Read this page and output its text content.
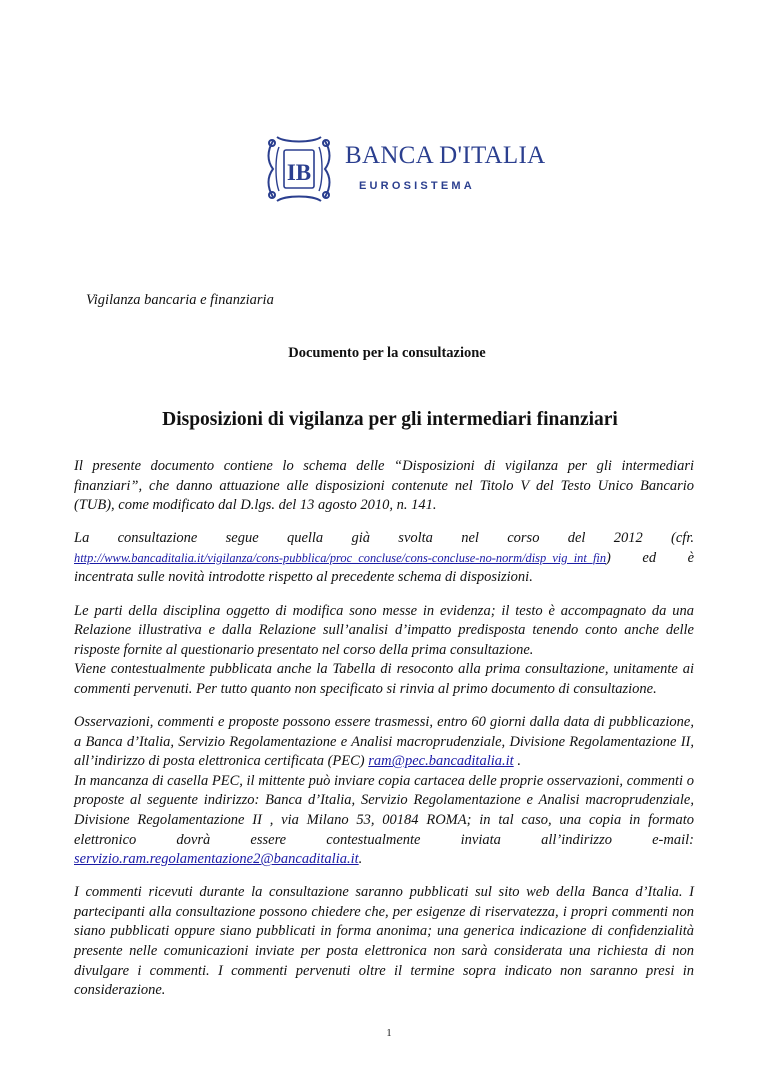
IB
BANCA D'ITALIA
EUROSISTEMA
Vigilanza bancaria e finanziaria
Documento per la consultazione
Disposizioni di vigilanza per gli intermediari finanziari

Il presente documento contiene lo schema delle “Disposizioni di vigilanza per gli intermediari finanziari”, che danno attuazione alle disposizioni contenute nel Titolo V del Testo Unico Bancario (TUB), come modificato dal D.lgs. del 13 agosto 2010, n. 141.

La consultazione segue quella già svolta nel corso del 2012 (cfr.
http://www.bancaditalia.it/vigilanza/cons-pubblica/proc_concluse/cons-concluse-no-norm/disp_vig_int_fin) ed è incentrata sulle novità introdotte rispetto al precedente schema di disposizioni.

Le parti della disciplina oggetto di modifica sono messe in evidenza; il testo è accompagnato da una Relazione illustrativa e dalla Relazione sull’analisi d’impatto predisposta tenendo conto anche delle risposte fornite al questionario presentato nel corso della prima consultazione.

Viene contestualmente pubblicata anche la Tabella di resoconto alla prima consultazione, unitamente ai commenti pervenuti. Per tutto quanto non specificato si rinvia al primo documento di consultazione.

Osservazioni, commenti e proposte possono essere trasmessi, entro 60 giorni dalla data di pubblicazione, a Banca d’Italia, Servizio Regolamentazione e Analisi macroprudenziale, Divisione Regolamentazione II, all’indirizzo di posta elettronica certificata (PEC) ram@pec.bancaditalia.it .

In mancanza di casella PEC, il mittente può inviare copia cartacea delle proprie osservazioni, commenti o proposte al seguente indirizzo: Banca d’Italia, Servizio Regolamentazione e Analisi macroprudenziale, Divisione Regolamentazione II , via Milano 53, 00184 ROMA; in tal caso, una copia in formato elettronico dovrà essere contestualmente inviata all’indirizzo e-mail: servizio.ram.regolamentazione2@bancaditalia.it.

I commenti ricevuti durante la consultazione saranno pubblicati sul sito web della Banca d’Italia. I partecipanti alla consultazione possono chiedere che, per esigenze di riservatezza, i propri commenti non siano pubblicati oppure siano pubblicati in forma anonima; una generica indicazione di confidenzialità presente nelle comunicazioni inviate per posta elettronica non sarà considerata una richiesta di non divulgare i commenti. I commenti pervenuti oltre il termine sopra indicato non saranno presi in considerazione.

1
